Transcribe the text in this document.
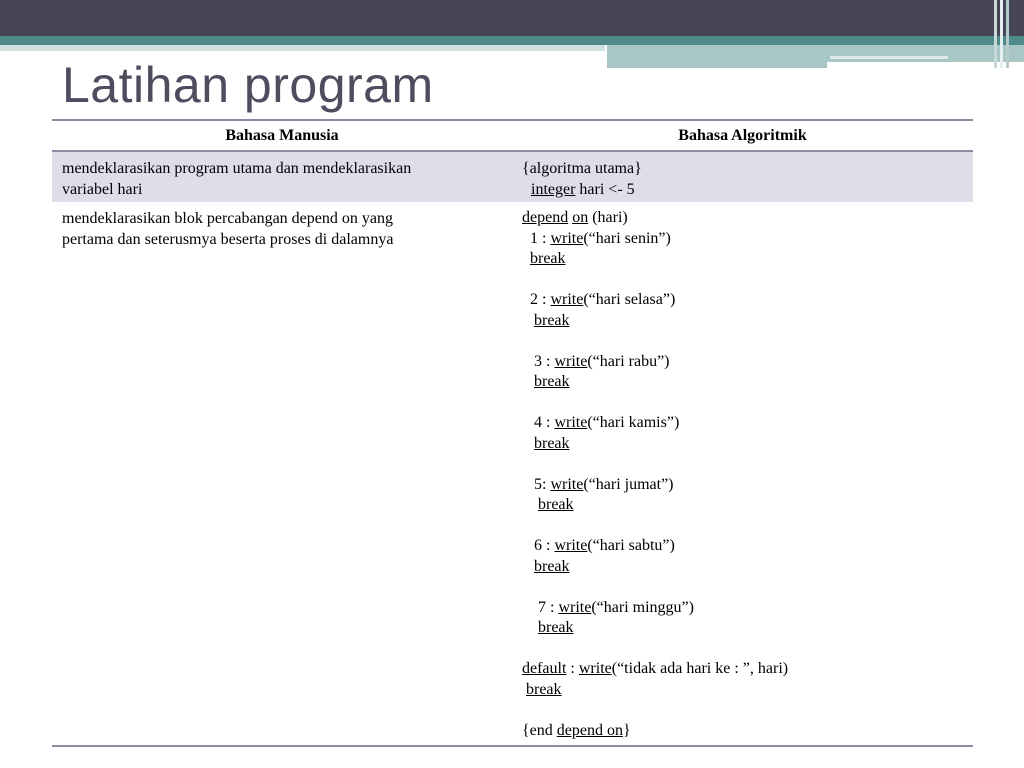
Latihan program
Bahasa Manusia	Bahasa Algoritmik
mendeklarasikan program utama dan mendeklarasikan
variabel hari
{algoritma utama}
integer hari <- 5
mendeklarasikan blok percabangan depend on yang
pertama dan seterusmya beserta proses di dalamnya
depend on (hari)
1 : write(“hari senin”)
break
2 : write(“hari selasa”)
break
3 : write(“hari rabu”)
break
4 : write(“hari kamis”)
break
5: write(“hari jumat”)
break
6 : write(“hari sabtu”)
break
7 : write(“hari minggu”)
break
default : write(“tidak ada hari ke : ”, hari)
break
{end depend on}
